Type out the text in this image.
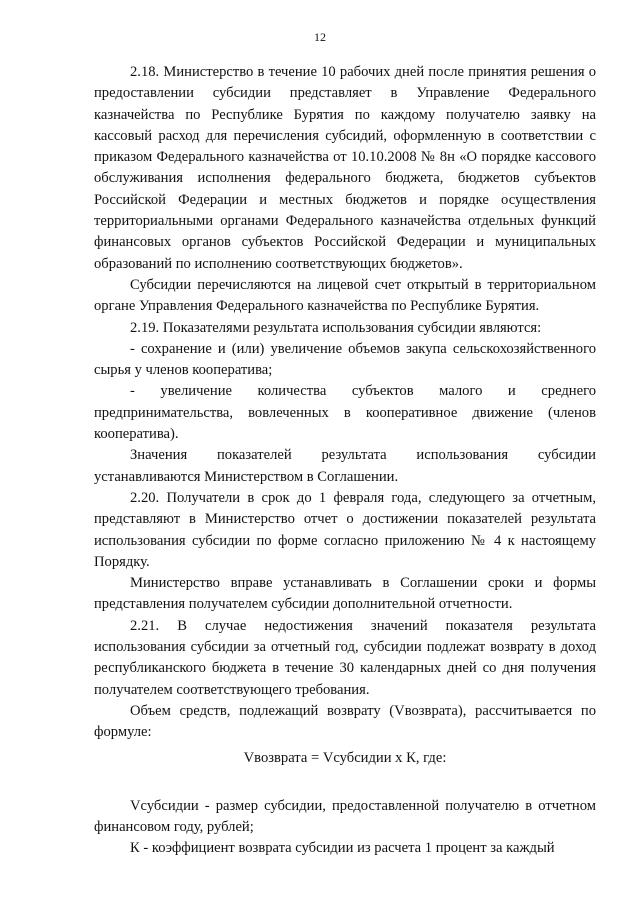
12

2.18. Министерство в течение 10 рабочих дней после принятия решения о предоставлении субсидии представляет в Управление Федерального казначейства по Республике Бурятия по каждому получателю заявку на кассовый расход для перечисления субсидий, оформленную в соответствии с приказом Федерального казначейства от 10.10.2008 № 8н «О порядке кассового обслуживания исполнения федерального бюджета, бюджетов субъектов Российской Федерации и местных бюджетов и порядке осуществления территориальными органами Федерального казначейства отдельных функций финансовых органов субъектов Российской Федерации и муниципальных образований по исполнению соответствующих бюджетов».

Субсидии перечисляются на лицевой счет открытый в территориальном органе Управления Федерального казначейства по Республике Бурятия.

2.19. Показателями результата использования субсидии являются:

- сохранение и (или) увеличение объемов закупа сельскохозяйственного сырья у членов кооператива;

- увеличение количества субъектов малого и среднего предпринимательства, вовлеченных в кооперативное движение (членов кооператива).

Значения показателей результата использования субсидии устанавливаются Министерством в Соглашении.

2.20. Получатели в срок до 1 февраля года, следующего за отчетным, представляют в Министерство отчет о достижении показателей результата использования субсидии по форме согласно приложению № 4 к настоящему Порядку.

Министерство вправе устанавливать в Соглашении сроки и формы представления получателем субсидии дополнительной отчетности.

2.21. В случае недостижения значений показателя результата использования субсидии за отчетный год, субсидии подлежат возврату в доход республиканского бюджета в течение 30 календарных дней со дня получения получателем соответствующего требования.

Объем средств, подлежащий возврату (Vвозврата), рассчитывается по формуле:

Vвозврата = Vсубсидии x К, где:

Vсубсидии - размер субсидии, предоставленной получателю в отчетном финансовом году, рублей;

К - коэффициент возврата субсидии из расчета 1 процент за каждый
